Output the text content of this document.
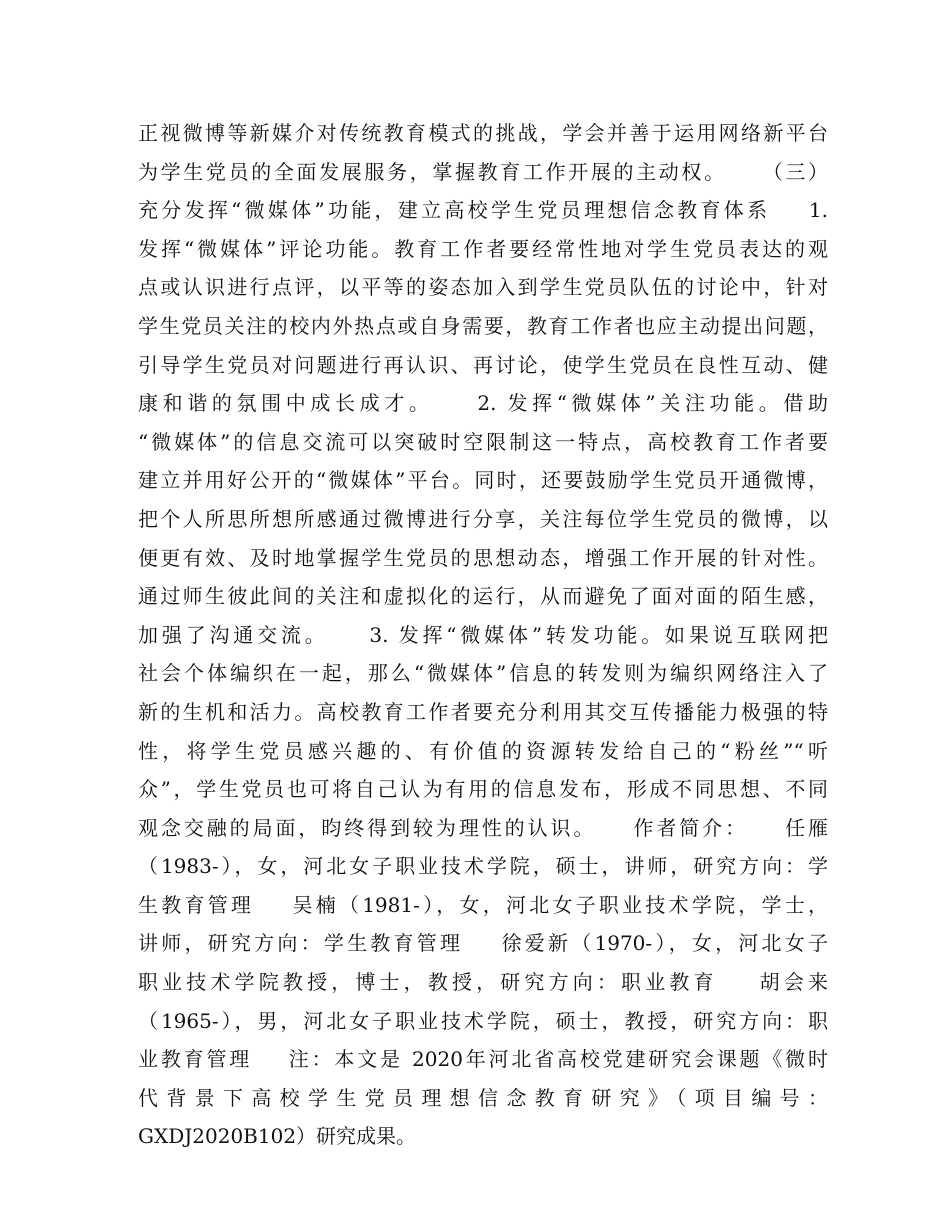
正视微博等新媒介对传统教育模式的挑战，学会并善于运用网络新平台
为学生党员的全面发展服务，掌握教育工作开展的主动权。    （三）
充分发挥“微媒体”功能，建立高校学生党员理想信念教育体系    1.
发挥“微媒体”评论功能。教育工作者要经常性地对学生党员表达的观
点或认识进行点评，以平等的姿态加入到学生党员队伍的讨论中，针对
学生党员关注的校内外热点或自身需要，教育工作者也应主动提出问题，
引导学生党员对问题进行再认识、再讨论，使学生党员在良性互动、健
康和谐的氛围中成长成才。    2. 发挥“微媒体”关注功能。借助
“微媒体”的信息交流可以突破时空限制这一特点，高校教育工作者要
建立并用好公开的“微媒体”平台。同时，还要鼓励学生党员开通微博，
把个人所思所想所感通过微博进行分享，关注每位学生党员的微博，以
便更有效、及时地掌握学生党员的思想动态，增强工作开展的针对性。
通过师生彼此间的关注和虚拟化的运行，从而避免了面对面的陌生感，
加强了沟通交流。    3. 发挥“微媒体”转发功能。如果说互联网把
社会个体编织在一起，那么“微媒体”信息的转发则为编织网络注入了
新的生机和活力。高校教育工作者要充分利用其交互传播能力极强的特
性，将学生党员感兴趣的、有价值的资源转发给自己的“粉丝”“听
众”，学生党员也可将自己认为有用的信息发布，形成不同思想、不同
观念交融的局面，昀终得到较为理性的认识。    作者简介：    任雁
（1983-），女，河北女子职业技术学院，硕士，讲师，研究方向：学
生教育管理    吴楠（1981-），女，河北女子职业技术学院，学士，
讲师，研究方向：学生教育管理    徐爱新（1970-），女，河北女子
职业技术学院教授，博士，教授，研究方向：职业教育    胡会来
（1965-），男，河北女子职业技术学院，硕士，教授，研究方向：职
业教育管理    注：本文是 2020年河北省高校党建研究会课题《微时
代背景下高校学生党员理想信念教育研究》（项目编号：
GXDJ2020B102）研究成果。
